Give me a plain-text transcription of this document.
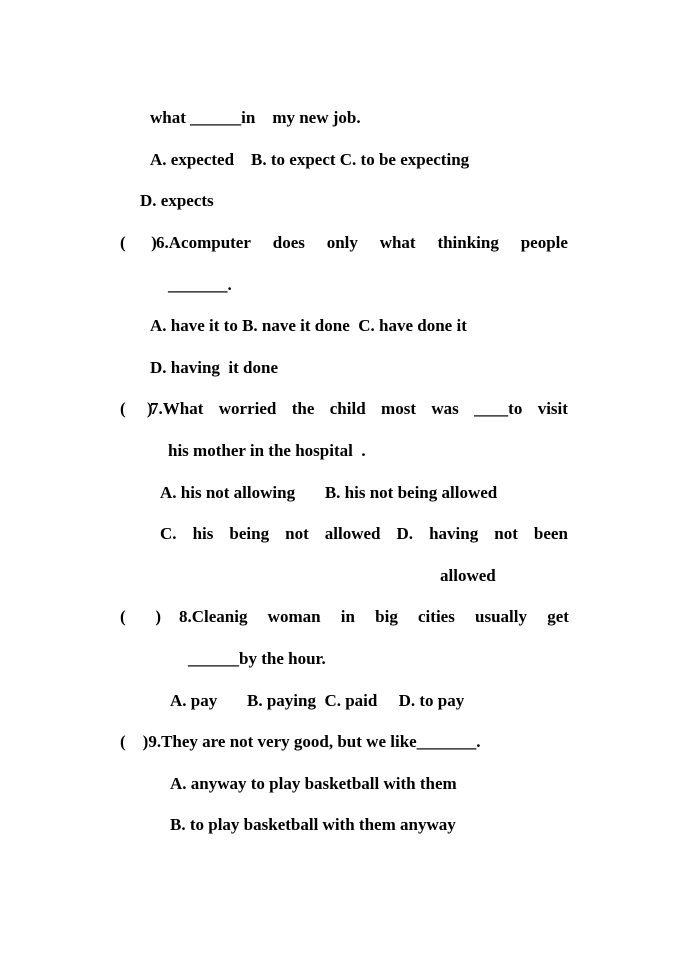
what ______in    my new job.
A. expected    B. to expect C. to be expecting
D. expects
(      ) 6.Acomputer does only what thinking people
_______.
A. have it to B. nave it done  C. have done it
D. having  it done
(     )
7.What worried the child most was ____to visit
his mother in the hospital  .
A. his not allowing       B. his not being allowed
C. his being not allowed D. having not been
allowed
(       ) 8.Cleanig woman in big cities usually get
______by the hour.
A. pay       B. paying  C. paid     D. to pay
(    )9.They are not very good, but we like_______.
A. anyway to play basketball with them
B. to play basketball with them anyway
